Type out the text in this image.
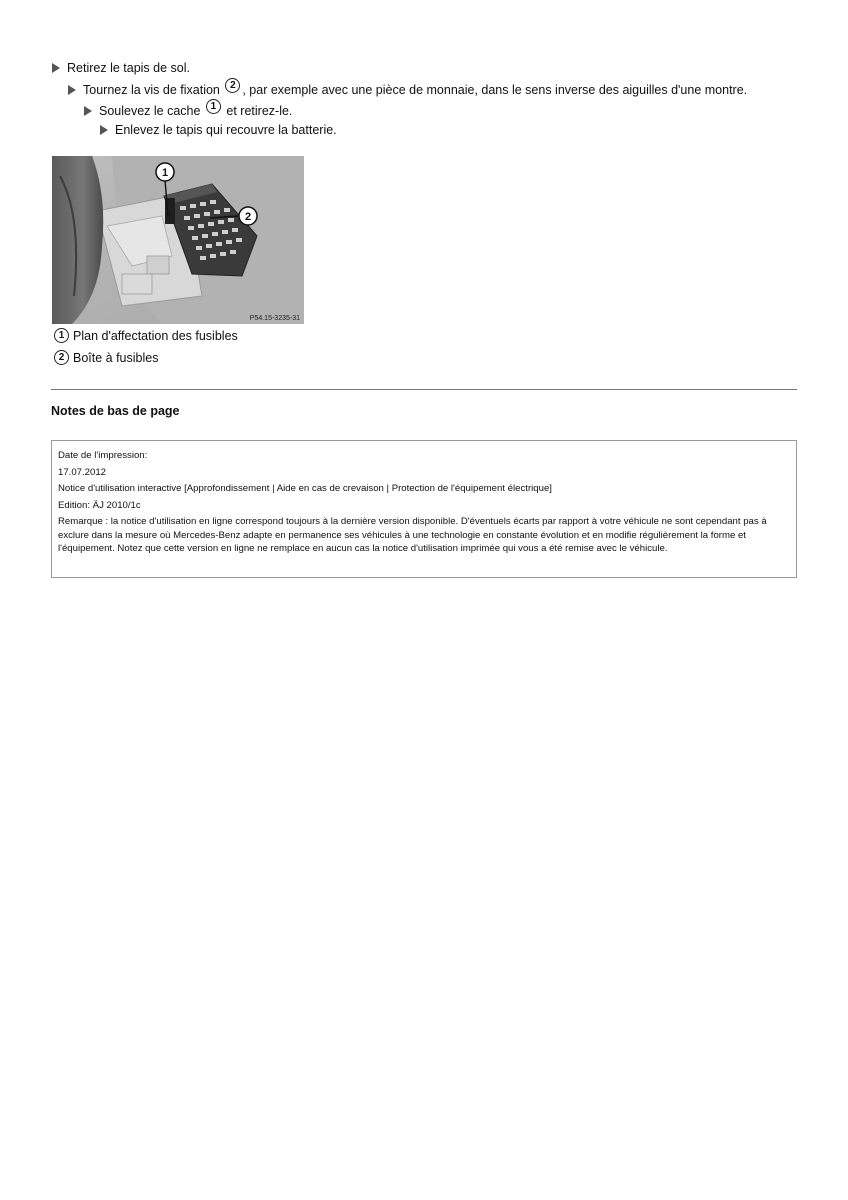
Retirez le tapis de sol.
Tournez la vis de fixation 2 , par exemple avec une pièce de monnaie, dans le sens inverse des aiguilles d'une montre.
Soulevez le cache 1 et retirez-le.
Enlevez le tapis qui recouvre la batterie.
1
2
P54.15-3235-31
1 Plan d'affectation des fusibles
2 Boîte à fusibles
Notes de bas de page

Date de l'impression:

17.07.2012

Notice d'utilisation interactive [Approfondissement | Aide en cas de crevaison | Protection de l'équipement électrique]

Edition: ÄJ 2010/1c

Remarque : la notice d'utilisation en ligne correspond toujours à la dernière version disponible. D'éventuels écarts par rapport à votre véhicule ne sont cependant pas à exclure dans la mesure où Mercedes-Benz adapte en permanence ses véhicules à une technologie en constante évolution et en modifie régulièrement la forme et l'équipement. Notez que cette version en ligne ne remplace en aucun cas la notice d'utilisation imprimée qui vous a été remise avec le véhicule.
